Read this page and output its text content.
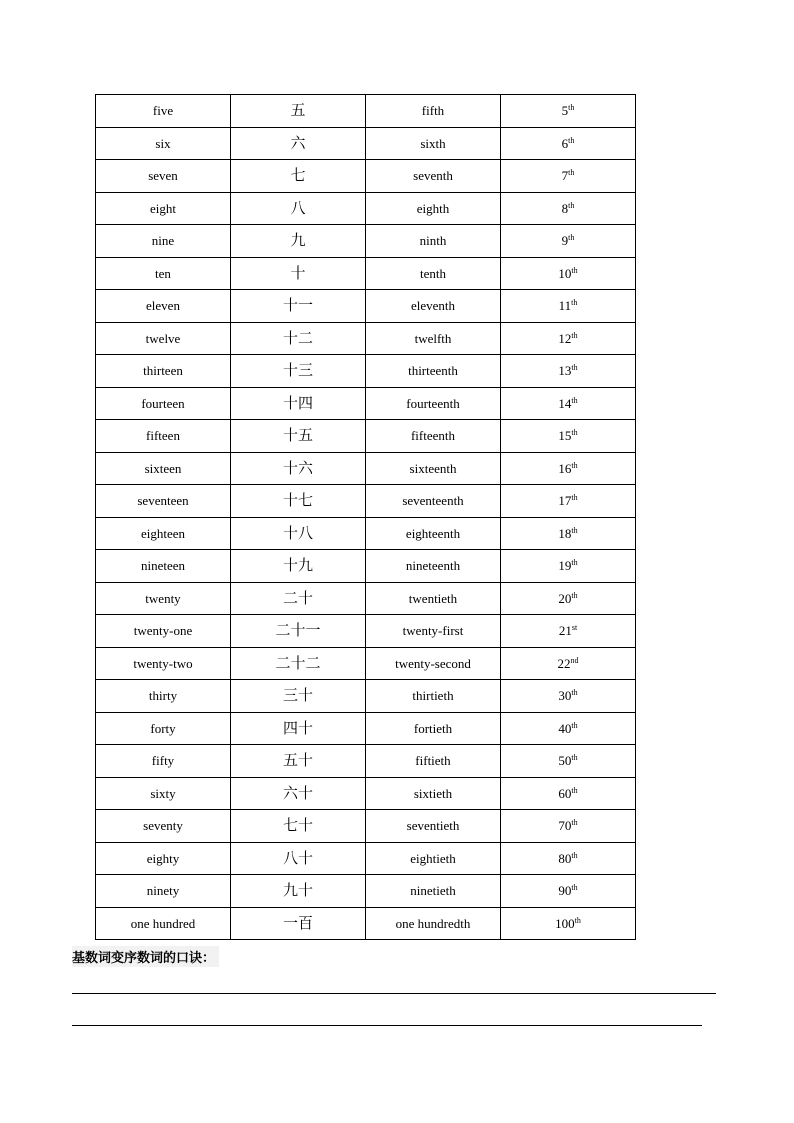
five	五	fifth	5th
six	六	sixth	6th
seven	七	seventh	7th
eight	八	eighth	8th
nine	九	ninth	9th
ten	十	tenth	10th
eleven	十一	eleventh	11th
twelve	十二	twelfth	12th
thirteen	十三	thirteenth	13th
fourteen	十四	fourteenth	14th
fifteen	十五	fifteenth	15th
sixteen	十六	sixteenth	16th
seventeen	十七	seventeenth	17th
eighteen	十八	eighteenth	18th
nineteen	十九	nineteenth	19th
twenty	二十	twentieth	20th
twenty-one	二十一	twenty-first	21st
twenty-two	二十二	twenty-second	22nd
thirty	三十	thirtieth	30th
forty	四十	fortieth	40th
fifty	五十	fiftieth	50th
sixty	六十	sixtieth	60th
seventy	七十	seventieth	70th
eighty	八十	eightieth	80th
ninety	九十	ninetieth	90th
one hundred	一百	one hundredth	100th
基数词变序数词的口诀：
